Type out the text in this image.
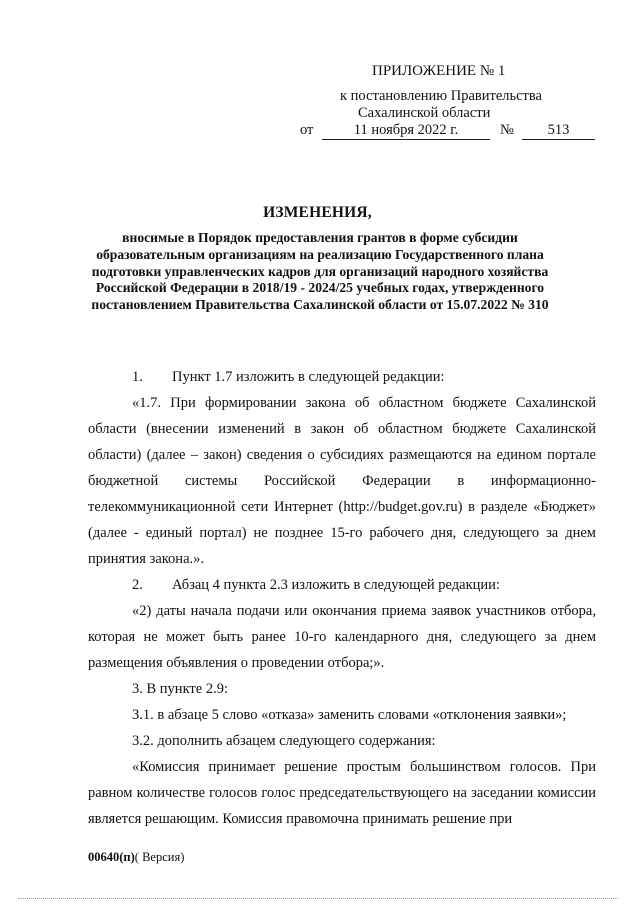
ПРИЛОЖЕНИЕ № 1
к постановлению Правительства
Сахалинской области
от	11 ноября 2022 г.	№	513
ИЗМЕНЕНИЯ,
вносимые в Порядок предоставления грантов в форме субсидии образовательным организациям на реализацию Государственного плана подготовки управленческих кадров для организаций народного хозяйства Российской Федерации в 2018/19 - 2024/25 учебных годах, утвержденного постановлением Правительства Сахалинской области от 15.07.2022 № 310

1. Пункт 1.7 изложить в следующей редакции:

«1.7. При формировании закона об областном бюджете Сахалинской области (внесении изменений в закон об областном бюджете Сахалинской области) (далее – закон) сведения о субсидиях размещаются на едином портале бюджетной системы Российской Федерации в информационно-телекоммуникационной сети Интернет (http://budget.gov.ru) в разделе «Бюджет» (далее - единый портал) не позднее 15-го рабочего дня, следующего за днем принятия закона.».

2. Абзац 4 пункта 2.3 изложить в следующей редакции:

«2) даты начала подачи или окончания приема заявок участников отбора, которая не может быть ранее 10-го календарного дня, следующего за днем размещения объявления о проведении отбора;».

3. В пункте 2.9:

3.1. в абзаце 5 слово «отказа» заменить словами «отклонения заявки»;

3.2. дополнить абзацем следующего содержания:

«Комиссия принимает решение простым большинством голосов. При равном количестве голосов голос председательствующего на заседании комиссии является решающим. Комиссия правомочна принимать решение при

00640(п)( Версия)
